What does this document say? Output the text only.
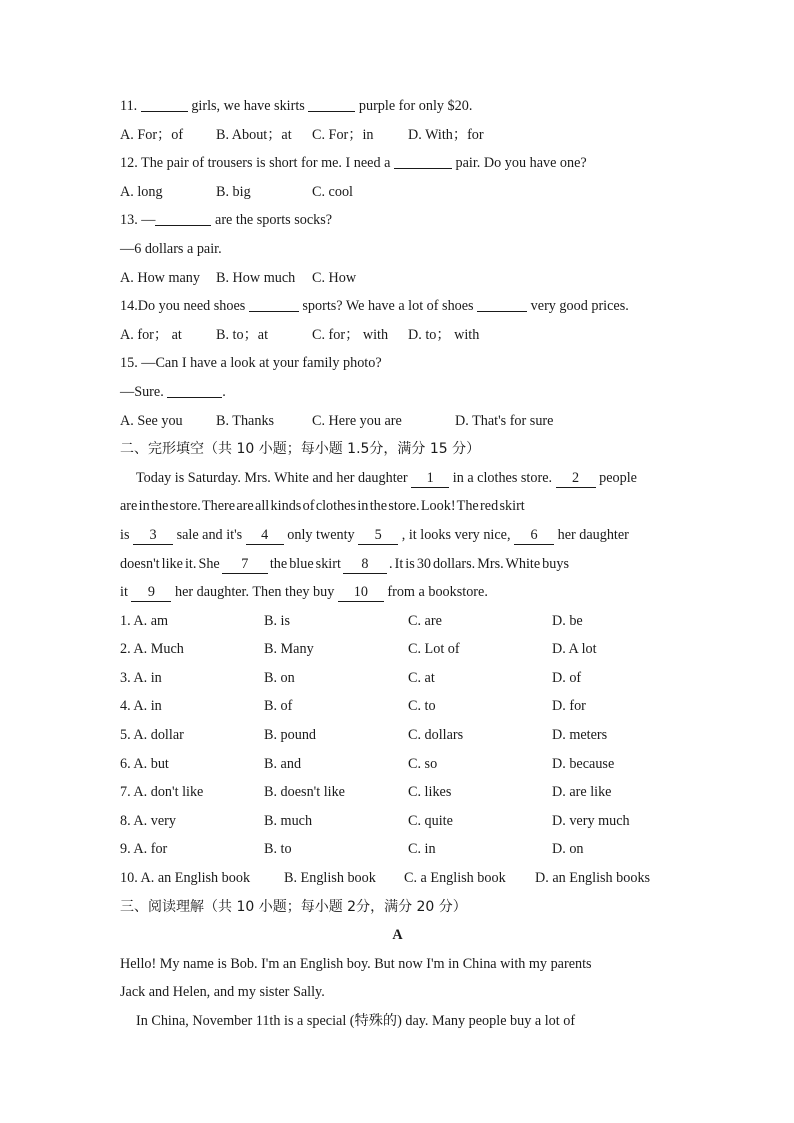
11.	girls, we have skirts	purple for only $20.
A. For；of B. About；at C. For；in D. With；for
12. The pair of trousers is short for me. I need a	pair. Do you have one?
A. long	B. big	C. cool
13. —	are the sports socks?
—6 dollars a pair.
A. How many B. How much C. How
14.Do you need shoes	sports? We have a lot of shoes	very good prices.
A. for； at B. to；at	C. for； with D. to； with
15. —Can I have a look at your family photo?
—Sure.	.
A. See you B. Thanks	C. Here you are	D. That's for sure
二、完形填空（共 10 小题；每小题 1.5分，满分 15 分）
Today is Saturday. Mrs. White and her daughter 1 in a clothes store. 2 people
are in the store. There are all kinds of clothes in the store. Look! The red skirt
is 3 sale and it's 4 only twenty 5 , it looks very nice, 6 her daughter
doesn't like it. She 7 the blue skirt 8 . It is 30 dollars. Mrs. White buys
it 9 her daughter. Then they buy 10 from a bookstore.
1. A. am	B. is	C. are	D. be
2. A. Much	B. Many	C. Lot of	D. A lot
3. A. in	B. on	C. at	D. of
4. A. in	B. of	C. to	D. for
5. A. dollar	B. pound	C. dollars	D. meters
6. A. but	B. and	C. so	D. because
7. A. don't like	B. doesn't like	C. likes	D. are like
8. A. very	B. much	C. quite	D. very much
9. A. for	B. to	C. in	D. on
10. A. an English book B. English book C. a English book D. an English books
三、阅读理解（共 10 小题；每小题 2分，满分 20 分）
A
Hello! My name is Bob. I'm an English boy. But now I'm in China with my parents
Jack and Helen, and my sister Sally.
In China, November 11th is a special (特殊的) day. Many people buy a lot of
